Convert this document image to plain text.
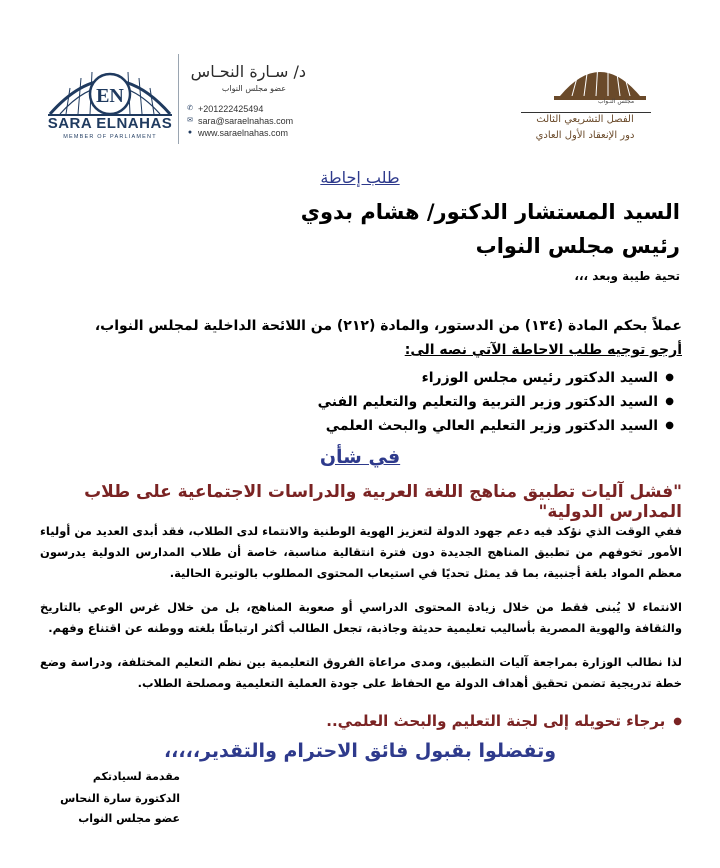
EN
SARA ELNAHAS
MEMBER OF PARLIAMENT
د/ سـارة النحـاس
عضو مجلس النواب
✆ +201222425494
✉ sara@saraelnahas.com
● www.saraelnahas.com
مجلس النـواب
الفصل التشريعي الثالث
دور الإنعقاد الأول العادي
طلب إحاطة
السيد المستشار الدكتور/ هشام بدوي
رئيس مجلس النواب
تحية طيبة وبعد ،،،
عملاً بحكم المادة (١٣٤) من الدستور، والمادة (٢١٢) من اللائحة الداخلية لمجلس النواب،
أرجو توجيه طلب الاحاطة الآتي نصه الى:
● السيد الدكتور رئيس مجلس الوزراء
● السيد الدكتور وزير التربية والتعليم والتعليم الفني
● السيد الدكتور وزير التعليم العالي والبحث العلمي
في شأن
"فشل آليات تطبيق مناهج اللغة العربية والدراسات الاجتماعية على طلاب المدارس الدولية"
ففي الوقت الذي نؤكد فيه دعم جهود الدولة لتعزيز الهوية الوطنية والانتماء لدى الطلاب، فقد أبدى العديد من أولياء الأمور تخوفهم من تطبيق المناهج الجديدة دون فترة انتقالية مناسبة، خاصة أن طلاب المدارس الدولية يدرسون معظم المواد بلغة أجنبية، بما قد يمثل تحديًا في استيعاب المحتوى المطلوب بالوتيرة الحالية.
الانتماء لا يُبنى فقط من خلال زيادة المحتوى الدراسي أو صعوبة المناهج، بل من خلال غرس الوعي بالتاريخ والثقافة والهوية المصرية بأساليب تعليمية حديثة وجاذبة، تجعل الطالب أكثر ارتباطًا بلغته ووطنه عن اقتناع وفهم.
لذا نطالب الوزارة بمراجعة آليات التطبيق، ومدى مراعاة الفروق التعليمية بين نظم التعليم المختلفة، ودراسة وضع خطة تدريجية تضمن تحقيق أهداف الدولة مع الحفاظ على جودة العملية التعليمية ومصلحة الطلاب.
●برجاء تحويله إلى لجنة التعليم والبحث العلمي..
وتفضلوا بقبول فائق الاحترام والتقدير،،،،،
مقدمة لسيادتكم
الدكتورة سارة النحاس
عضو مجلس النواب
